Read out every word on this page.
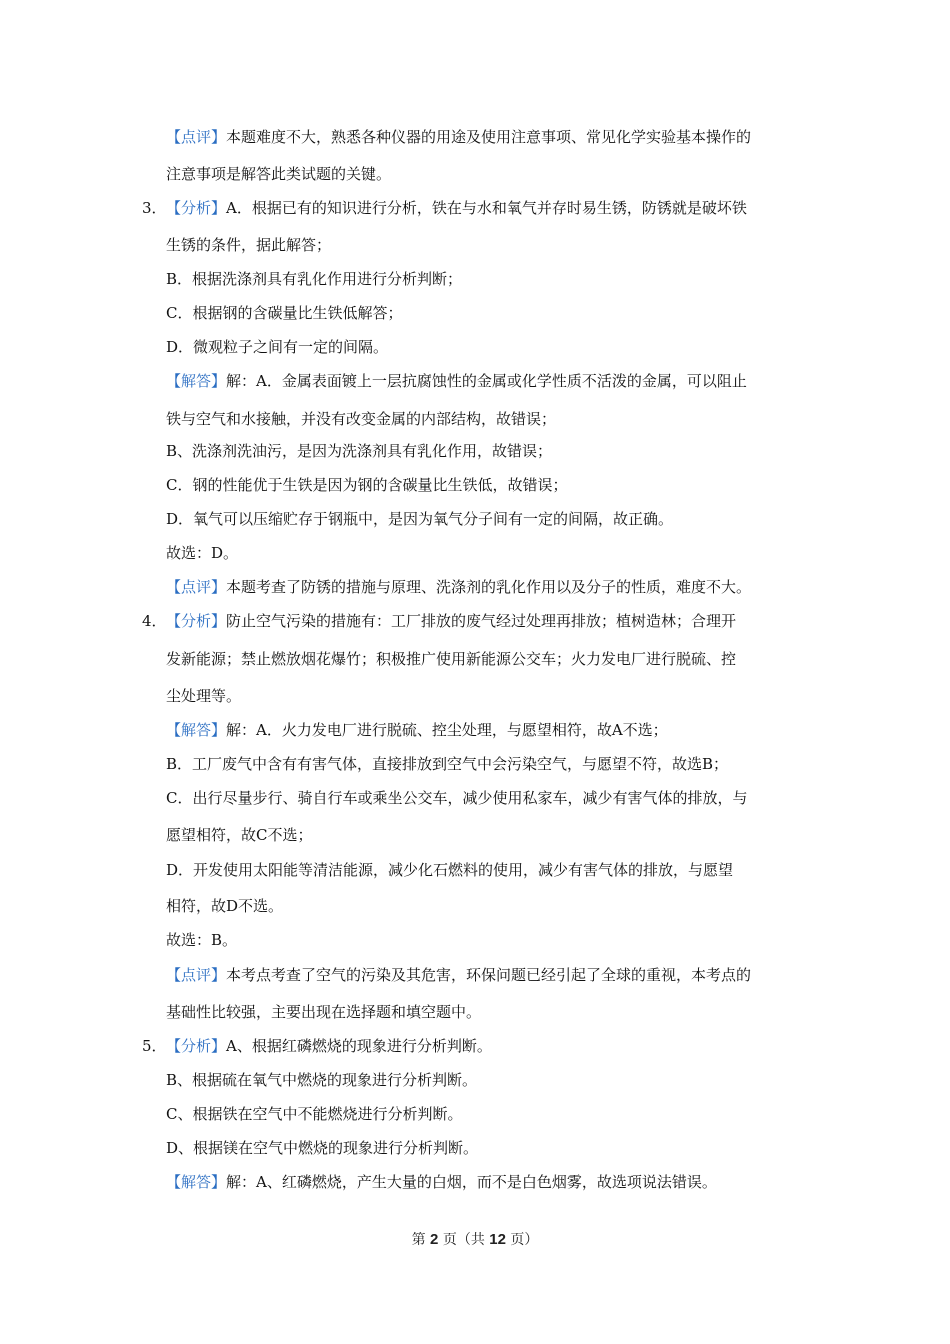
【点评】本题难度不大，熟悉各种仪器的用途及使用注意事项、常见化学实验基本操作的
注意事项是解答此类试题的关键。
3． 【分析】A．根据已有的知识进行分析，铁在与水和氧气并存时易生锈，防锈就是破坏铁
生锈的条件，据此解答；
B．根据洗涤剂具有乳化作用进行分析判断；
C．根据钢的含碳量比生铁低解答；
D．微观粒子之间有一定的间隔。
【解答】解：A．金属表面镀上一层抗腐蚀性的金属或化学性质不活泼的金属，可以阻止
铁与空气和水接触，并没有改变金属的内部结构，故错误；
B、洗涤剂洗油污，是因为洗涤剂具有乳化作用，故错误；
C．钢的性能优于生铁是因为钢的含碳量比生铁低，故错误；
D．氧气可以压缩贮存于钢瓶中，是因为氧气分子间有一定的间隔，故正确。
故选：D。
【点评】本题考查了防锈的措施与原理、洗涤剂的乳化作用以及分子的性质，难度不大。
4． 【分析】防止空气污染的措施有：工厂排放的废气经过处理再排放；植树造林；合理开
发新能源；禁止燃放烟花爆竹；积极推广使用新能源公交车；火力发电厂进行脱硫、控
尘处理等。
【解答】解：A．火力发电厂进行脱硫、控尘处理，与愿望相符，故A不选；
B．工厂废气中含有有害气体，直接排放到空气中会污染空气，与愿望不符，故选B；
C．出行尽量步行、骑自行车或乘坐公交车，减少使用私家车，减少有害气体的排放，与
愿望相符，故C不选；
D．开发使用太阳能等清洁能源，减少化石燃料的使用，减少有害气体的排放，与愿望
相符，故D不选。
故选：B。
【点评】本考点考查了空气的污染及其危害，环保问题已经引起了全球的重视，本考点的
基础性比较强，主要出现在选择题和填空题中。
5． 【分析】A、根据红磷燃烧的现象进行分析判断。
B、根据硫在氧气中燃烧的现象进行分析判断。
C、根据铁在空气中不能燃烧进行分析判断。
D、根据镁在空气中燃烧的现象进行分析判断。
【解答】解：A、红磷燃烧，产生大量的白烟，而不是白色烟雾，故选项说法错误。
第 2 页（共 12 页）
